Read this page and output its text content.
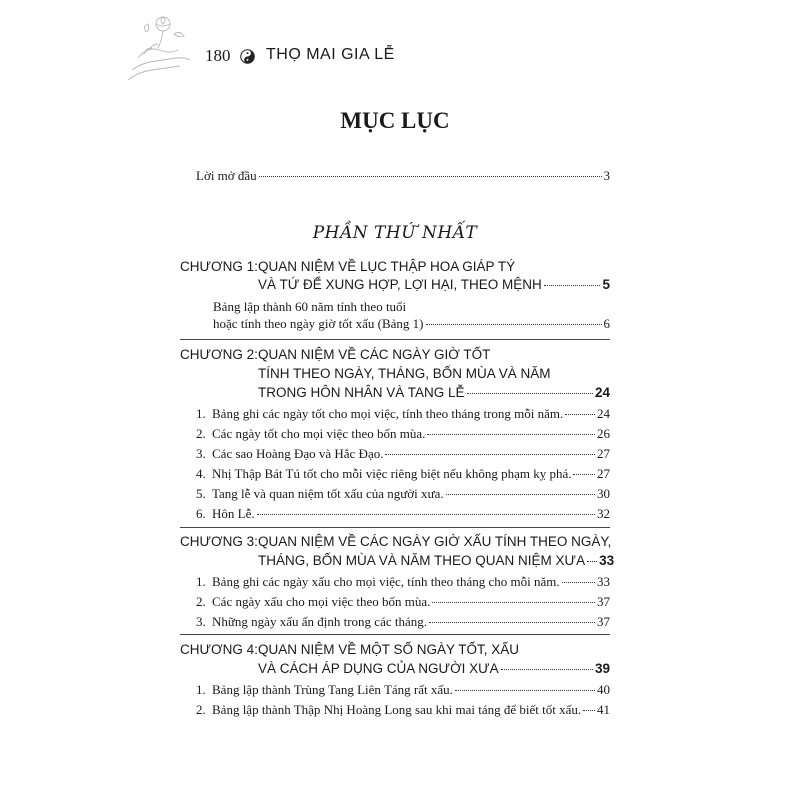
180 THỌ MAI GIA LỄ
MỤC LỤC
Lời mở đầu	3
PHẦN THỨ NHẤT
CHƯƠNG 1:QUAN NIỆM VỀ LỤC THẬP HOA GIÁP TÝ
VÀ TỨ ĐỂ XUNG HỢP, LỢI HẠI, THEO MỆNH	5
Bảng lập thành 60 năm tính theo tuổi
hoặc tính theo ngày giờ tốt xấu (Bảng 1)	6
CHƯƠNG 2:QUAN NIỆM VỀ CÁC NGÀY GIỜ TỐT
TÍNH THEO NGÀY, THÁNG, BỐN MÙA VÀ NĂM
TRONG HÔN NHÂN VÀ TANG LỄ	24
1. Bảng ghi các ngày tốt cho mọi việc, tính theo tháng trong mỗi năm.	24
2. Các ngày tốt cho mọi việc theo bốn mùa.	26
3. Các sao Hoàng Đạo và Hắc Đạo.	27
4. Nhị Thập Bát Tú tốt cho mỗi việc riêng biệt nếu không phạm kỵ phá. 27
5. Tang lễ và quan niệm tốt xấu của người xưa.	30
6. Hôn Lễ.	32
CHƯƠNG 3:QUAN NIỆM VỀ CÁC NGÀY GIỜ XẤU TÍNH THEO NGÀY,
THÁNG, BỐN MÙA VÀ NĂM THEO QUAN NIỆM XƯA 33
1. Bảng ghi các ngày xấu cho mọi việc, tính theo tháng cho mỗi năm.	33
2. Các ngày xấu cho mọi việc theo bốn mùa.	37
3. Những ngày xấu ấn định trong các tháng.	37
CHƯƠNG 4:QUAN NIỆM VỀ MỘT SỐ NGÀY TỐT, XẤU
VÀ CÁCH ÁP DỤNG CỦA NGƯỜI XƯA	39
1. Bảng lập thành Trùng Tang Liên Táng rất xấu.	40
2. Bảng lập thành Thập Nhị Hoàng Long sau khi mai táng để biết tốt xấu. 41
